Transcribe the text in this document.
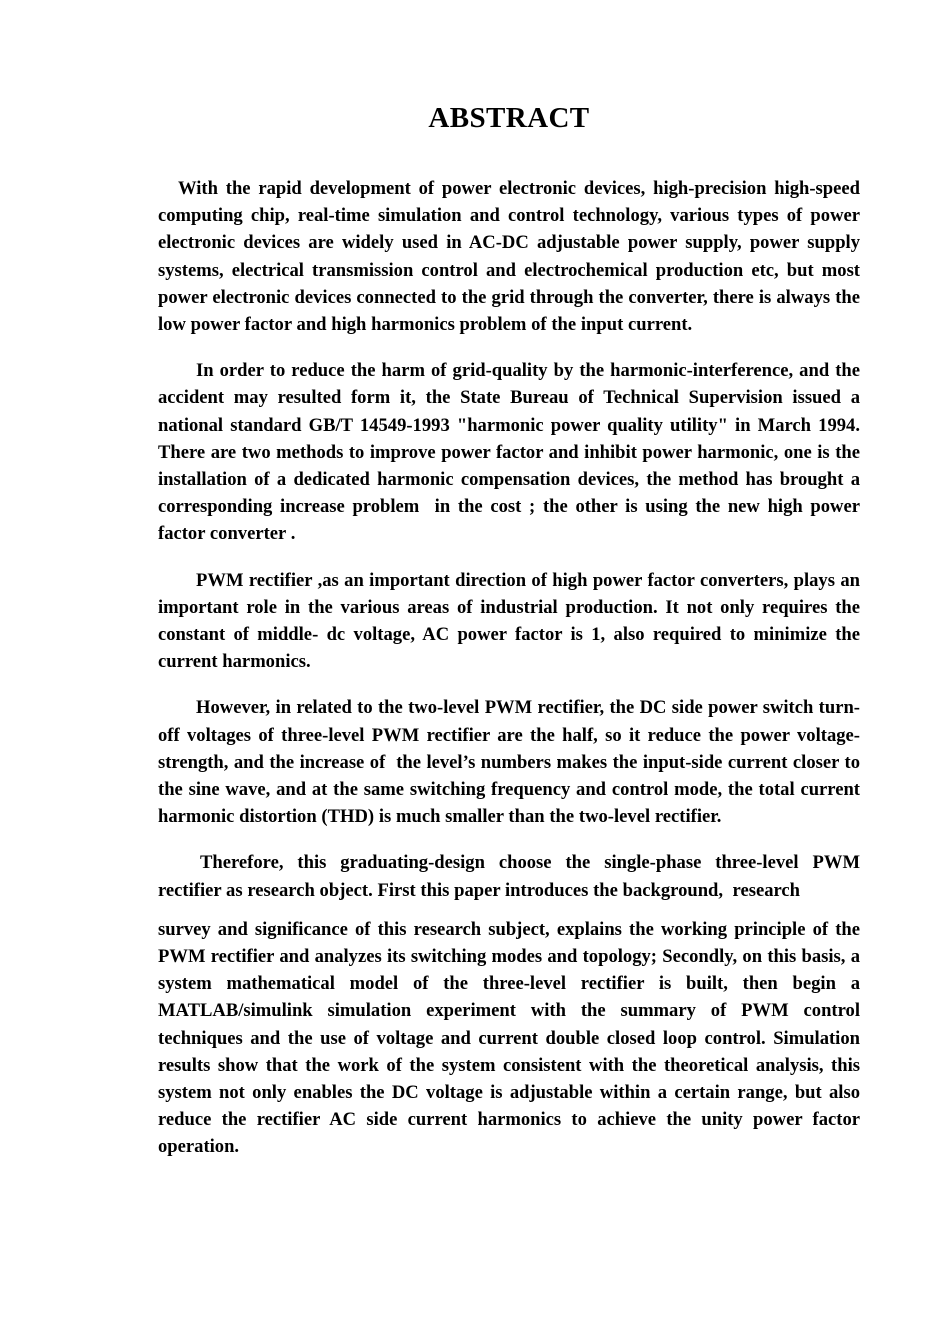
ABSTRACT

With the rapid development of power electronic devices, high-precision high-speed computing chip, real-time simulation and control technology, various types of power electronic devices are widely used in AC-DC adjustable power supply, power supply systems, electrical transmission control and electrochemical production etc, but most power electronic devices connected to the grid through the converter, there is always the low power factor and high harmonics problem of the input current.

In order to reduce the harm of grid-quality by the harmonic-interference, and the accident may resulted form it, the State Bureau of Technical Supervision issued a national standard GB/T 14549-1993 "harmonic power quality utility" in March 1994. There are two methods to improve power factor and inhibit power harmonic, one is the installation of a dedicated harmonic compensation devices, the method has brought a corresponding increase problem  in the cost ; the other is using the new high power factor converter .

PWM rectifier ,as an important direction of high power factor converters, plays an important role in the various areas of industrial production. It not only requires the constant of middle- dc voltage, AC power factor is 1, also required to minimize the current harmonics.

However, in related to the two-level PWM rectifier, the DC side power switch turn-off voltages of three-level PWM rectifier are the half, so it reduce the power voltage- strength, and the increase of  the level’s numbers makes the input-side current closer to the sine wave, and at the same switching frequency and control mode, the total current harmonic distortion (THD) is much smaller than the two-level rectifier.

Therefore, this graduating-design choose the single-phase three-level PWM rectifier as research object. First this paper introduces the background,  research

survey and significance of this research subject, explains the working principle of the PWM rectifier and analyzes its switching modes and topology; Secondly, on this basis, a system mathematical model of the three-level rectifier is built, then begin a MATLAB/simulink simulation experiment with the summary of PWM control techniques and the use of voltage and current double closed loop control. Simulation results show that the work of the system consistent with the theoretical analysis, this system not only enables the DC voltage is adjustable within a certain range, but also reduce the rectifier AC side current harmonics to achieve the unity power factor operation.
